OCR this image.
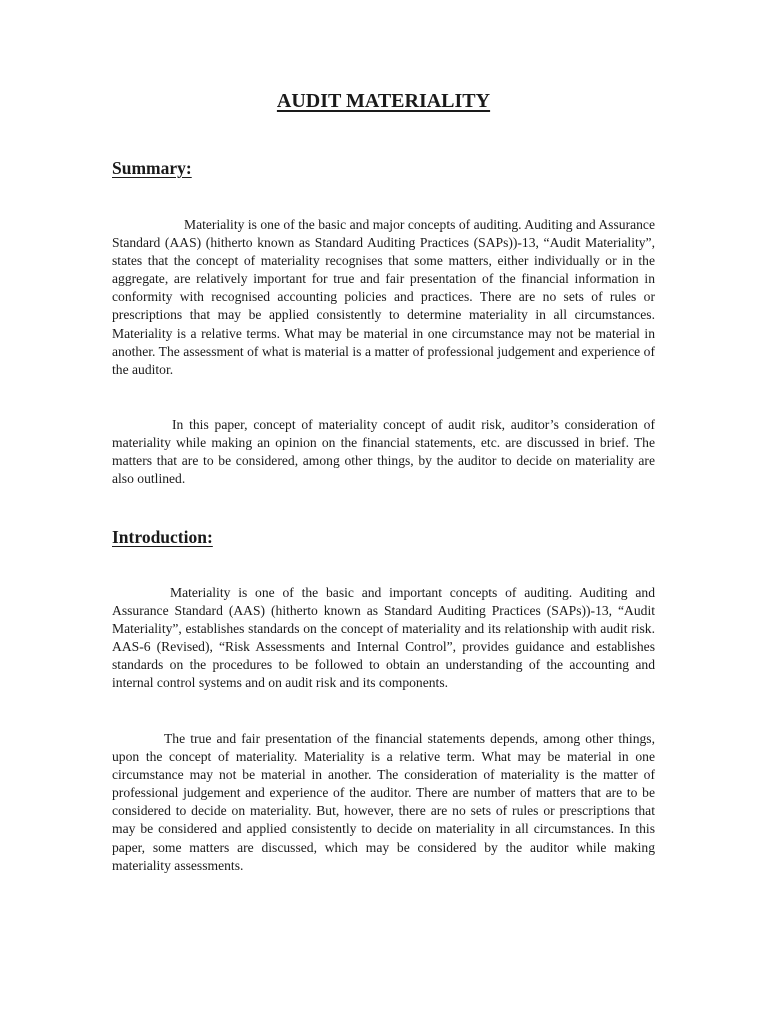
AUDIT MATERIALITY
Summary:

Materiality is one of the basic and major concepts of auditing. Auditing and Assurance Standard (AAS) (hitherto known as Standard Auditing Practices (SAPs))-13, “Audit Materiality”, states that the concept of materiality recognises that some matters, either individually or in the aggregate, are relatively important for true and fair presentation of the financial information in conformity with recognised accounting policies and practices. There are no sets of rules or prescriptions that may be applied consistently to determine materiality in all circumstances. Materiality is a relative terms. What may be material in one circumstance may not be material in another. The assessment of what is material is a matter of professional judgement and experience of the auditor.

In this paper, concept of materiality concept of audit risk, auditor’s consideration of materiality while making an opinion on the financial statements, etc. are discussed in brief. The matters that are to be considered, among other things, by the auditor to decide on materiality are also outlined.

Introduction:

Materiality is one of the basic and important concepts of auditing. Auditing and Assurance Standard (AAS) (hitherto known as Standard Auditing Practices (SAPs))-13, “Audit Materiality”, establishes standards on the concept of materiality and its relationship with audit risk. AAS-6 (Revised), “Risk Assessments and Internal Control”, provides guidance and establishes standards on the procedures to be followed to obtain an understanding of the accounting and internal control systems and on audit risk and its components.

The true and fair presentation of the financial statements depends, among other things, upon the concept of materiality. Materiality is a relative term. What may be material in one circumstance may not be material in another. The consideration of materiality is the matter of professional judgement and experience of the auditor. There are number of matters that are to be considered to decide on materiality. But, however, there are no sets of rules or prescriptions that may be considered and applied consistently to decide on materiality in all circumstances. In this paper, some matters are discussed, which may be considered by the auditor while making materiality assessments.
